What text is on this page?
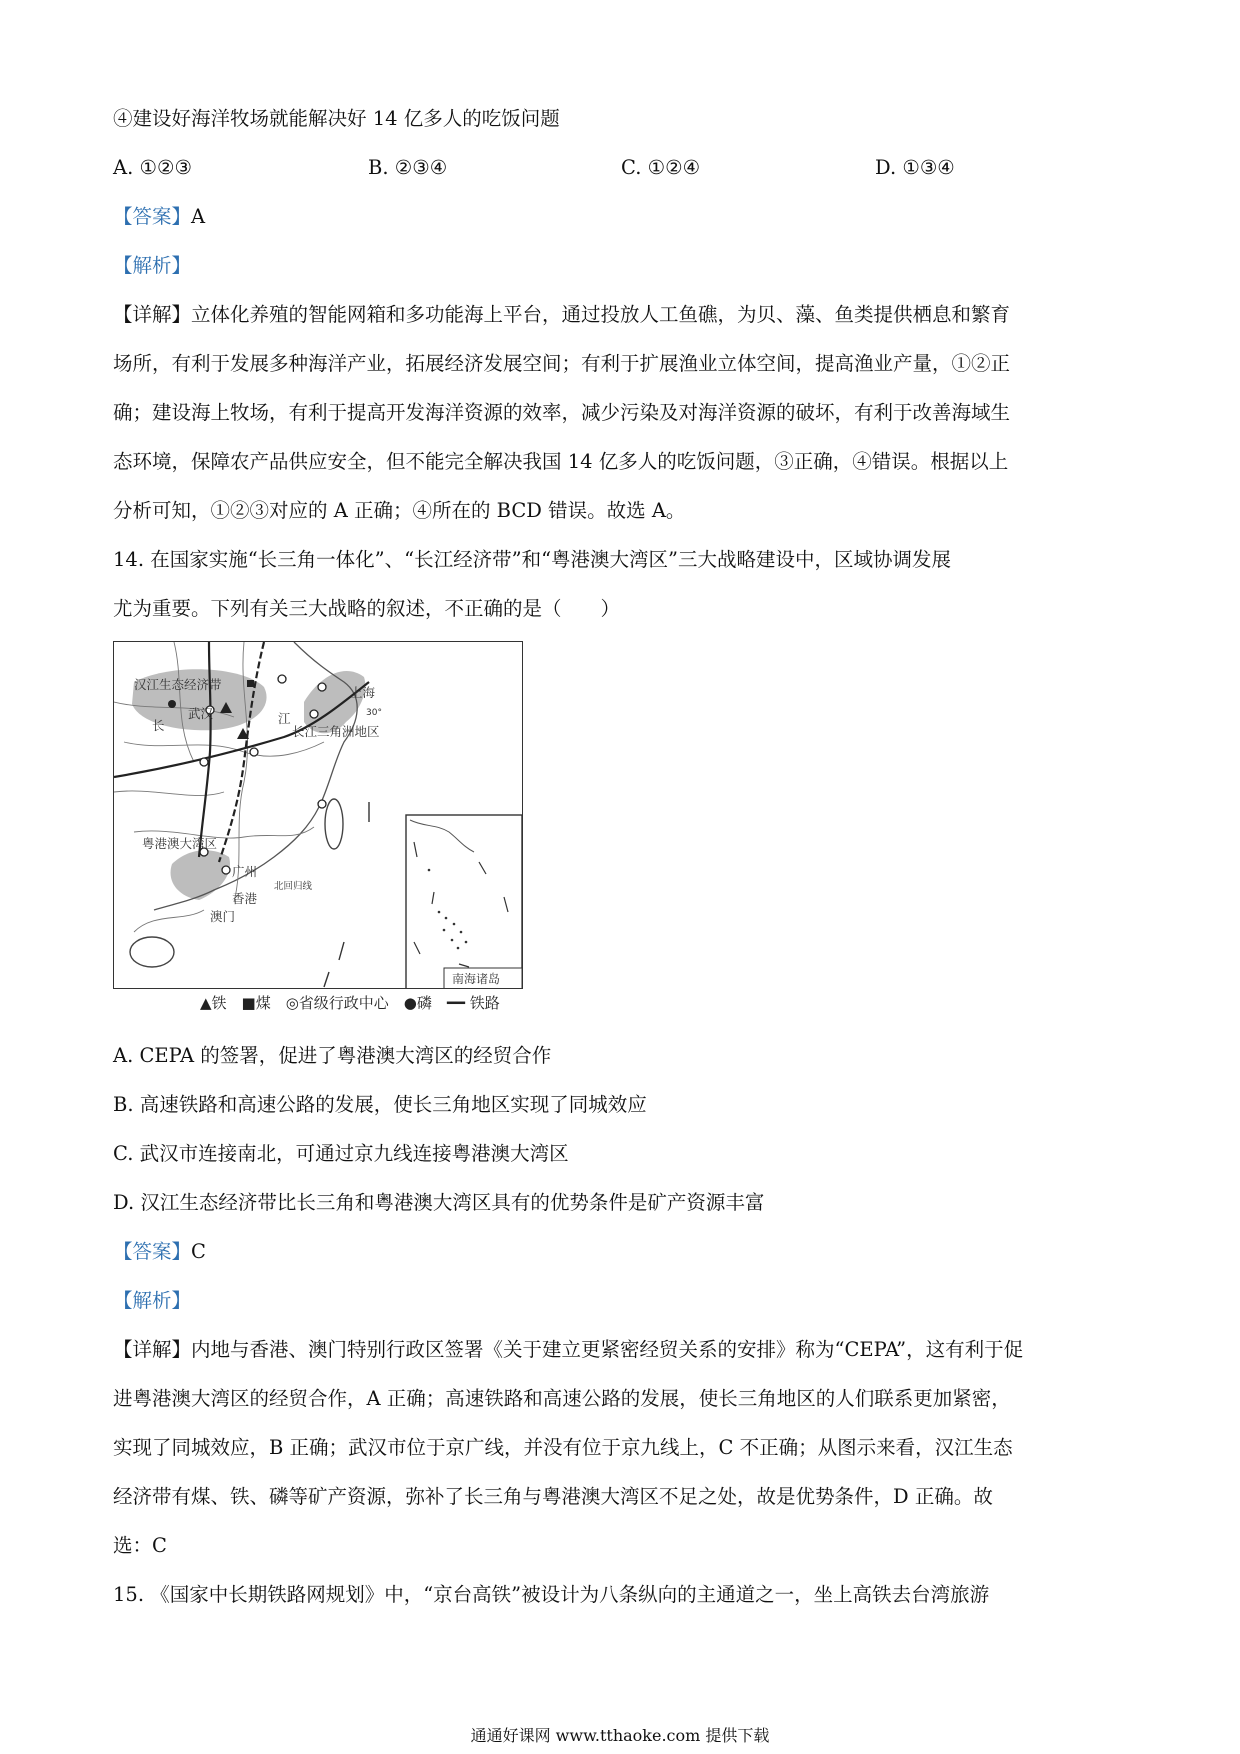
④建设好海洋牧场就能解决好 14 亿多人的吃饭问题
A. ①②③	B. ②③④	C. ①②④	D. ①③④
【答案】A
【解析】
【详解】立体化养殖的智能网箱和多功能海上平台，通过投放人工鱼礁，为贝、藻、鱼类提供栖息和繁育
场所，有利于发展多种海洋产业，拓展经济发展空间；有利于扩展渔业立体空间，提高渔业产量，①②正
确；建设海上牧场，有利于提高开发海洋资源的效率，减少污染及对海洋资源的破坏，有利于改善海域生
态环境，保障农产品供应安全，但不能完全解决我国 14 亿多人的吃饭问题，③正确，④错误。根据以上
分析可知，①②③对应的 A 正确；④所在的 BCD 错误。故选 A。
14. 在国家实施“长三角一体化”、“长江经济带”和“粤港澳大湾区”三大战略建设中，区域协调发展
尤为重要。下列有关三大战略的叙述，不正确的是（　　）
汉江生态经济带
武汉
长	江
上海
30°
长江三角洲地区
粤港澳大湾区
广州
香港
澳门
北回归线
南海诸岛
▲铁　■煤　◎省级行政中心　●磷　━━ 铁路
A. CEPA 的签署，促进了粤港澳大湾区的经贸合作
B. 高速铁路和高速公路的发展，使长三角地区实现了同城效应
C. 武汉市连接南北，可通过京九线连接粤港澳大湾区
D. 汉江生态经济带比长三角和粤港澳大湾区具有的优势条件是矿产资源丰富
【答案】C
【解析】
【详解】内地与香港、澳门特别行政区签署《关于建立更紧密经贸关系的安排》称为“CEPA”，这有利于促
进粤港澳大湾区的经贸合作，A 正确；高速铁路和高速公路的发展，使长三角地区的人们联系更加紧密，
实现了同城效应，B 正确；武汉市位于京广线，并没有位于京九线上，C 不正确；从图示来看，汉江生态
经济带有煤、铁、磷等矿产资源，弥补了长三角与粤港澳大湾区不足之处，故是优势条件，D 正确。故
选：C
15. 《国家中长期铁路网规划》中，“京台高铁”被设计为八条纵向的主通道之一，坐上高铁去台湾旅游
通通好课网 www.tthaoke.com 提供下载
